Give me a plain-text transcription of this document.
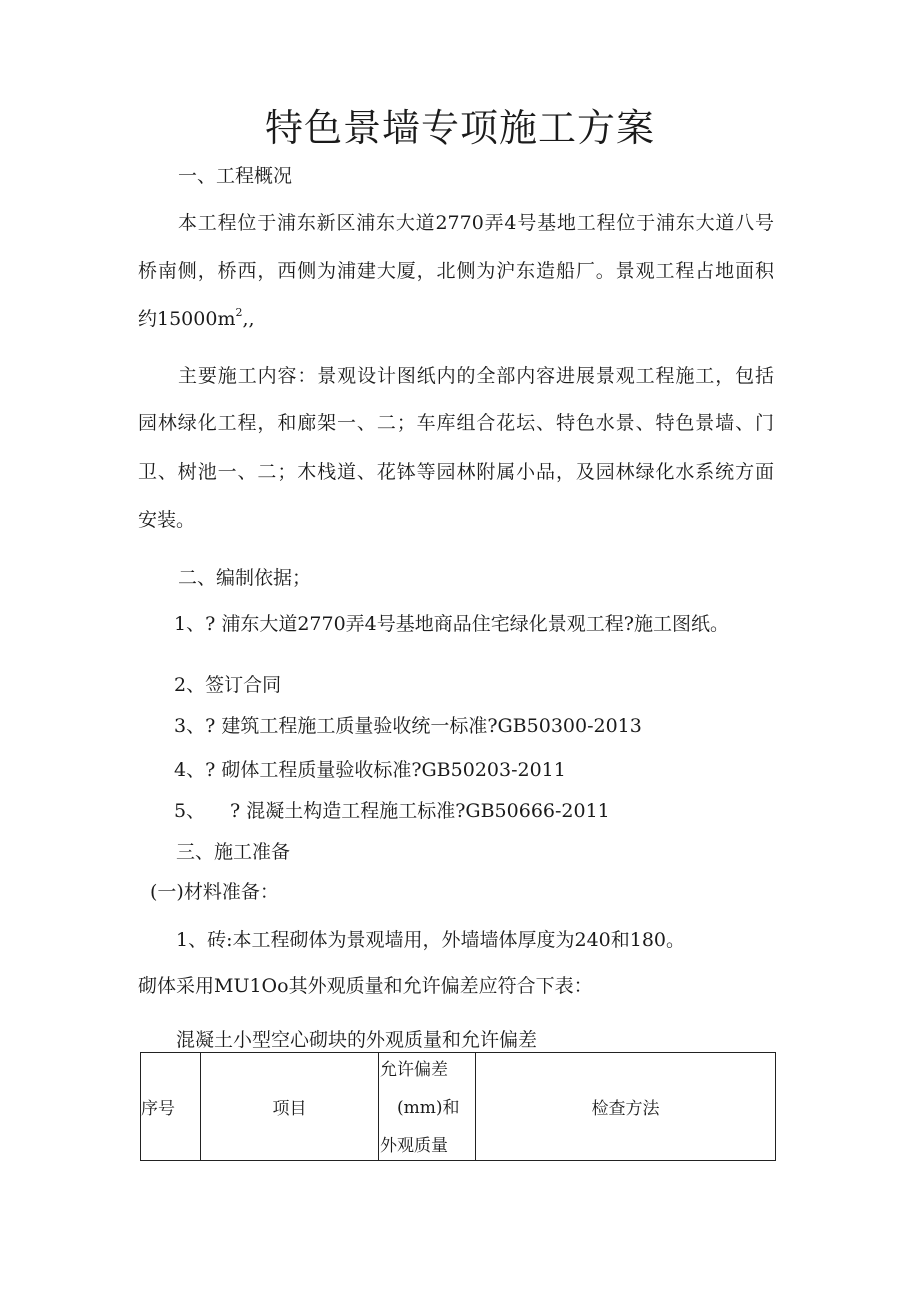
特色景墙专项施工方案
一、工程概况
本工程位于浦东新区浦东大道2770弄4号基地工程位于浦东大道八号
桥南侧，桥西，西侧为浦建大厦，北侧为沪东造船厂。景观工程占地面积
约$15000m^2$,,
主要施工内容：景观设计图纸内的全部内容进展景观工程施工，包括
园林绿化工程，和廊架一、二；车库组合花坛、特色水景、特色景墙、门
卫、树池一、二；木栈道、花钵等园林附属小品，及园林绿化水系统方面
安装。
二、编制依据；
1、? 浦东大道2770弄4号基地商品住宅绿化景观工程?施工图纸。
2、签订合同
3、? 建筑工程施工质量验收统一标准?GB50300-2013
4、? 砌体工程质量验收标准?GB50203-2011
5、 ? 混凝土构造工程施工标准?GB50666-2011
三、施工准备
(一)材料准备：
1、砖:本工程砌体为景观墙用，外墙墙体厚度为240和180。
砌体采用MU1Oo其外观质量和允许偏差应符合下表：
混凝土小型空心砌块的外观质量和允许偏差
序号	项目
允许偏差
(mm)和
外观质量
检查方法
